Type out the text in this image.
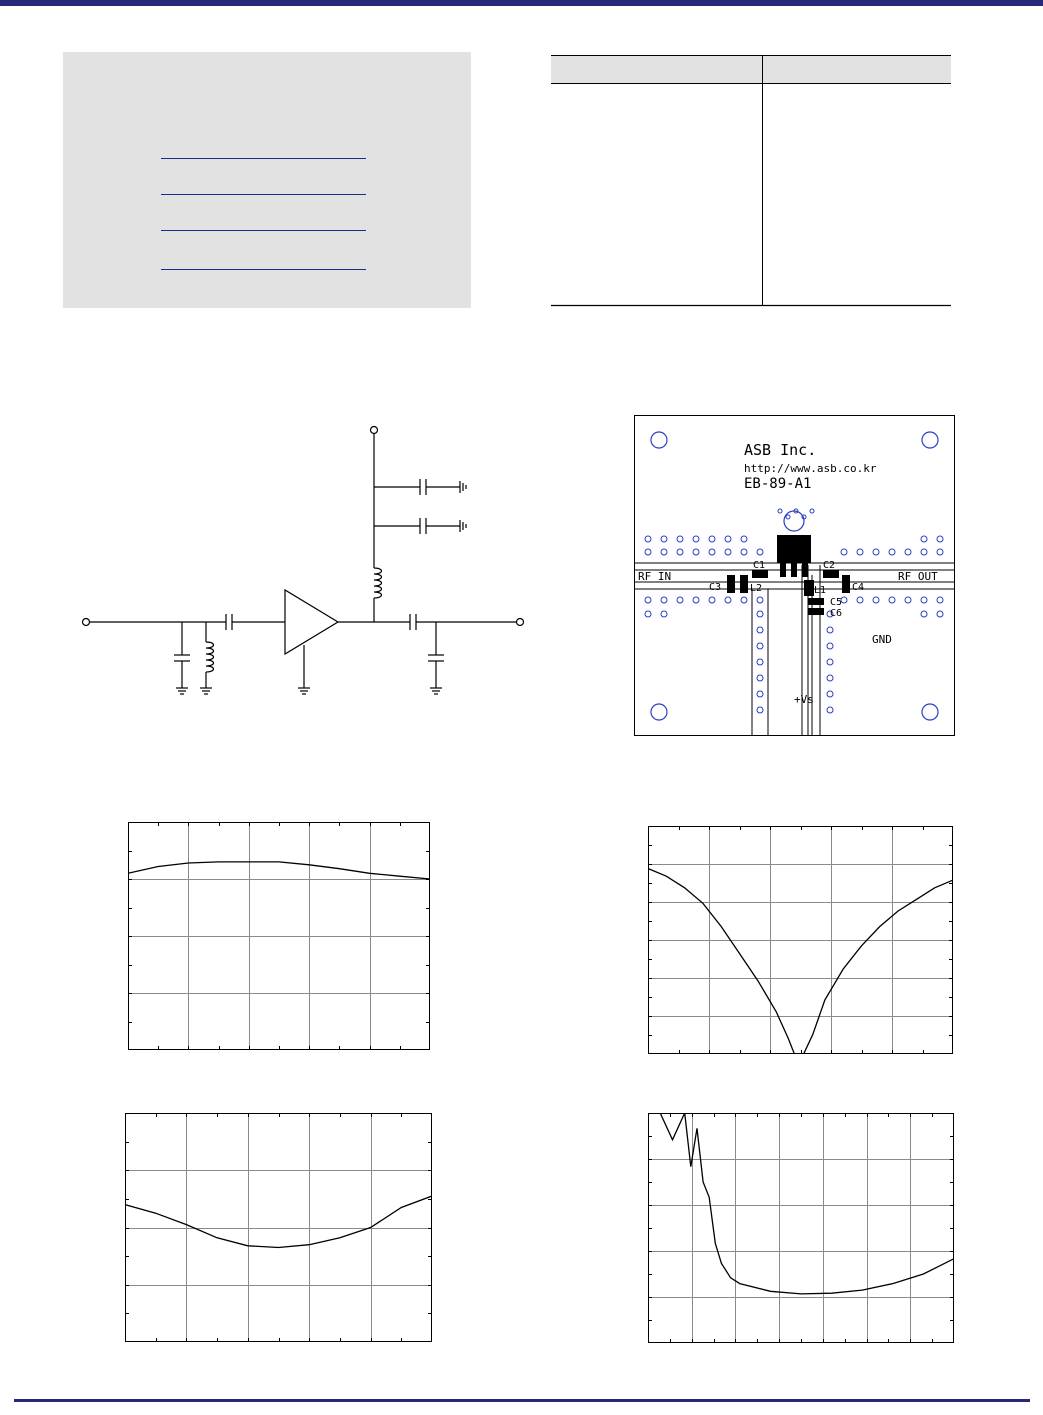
ASB Inc.
http://www.asb.co.kr
EB-89-A1
RF IN	RF OUT
GND
+Vs
C1	C2
C3	C4
C5
C6
L1
L2
